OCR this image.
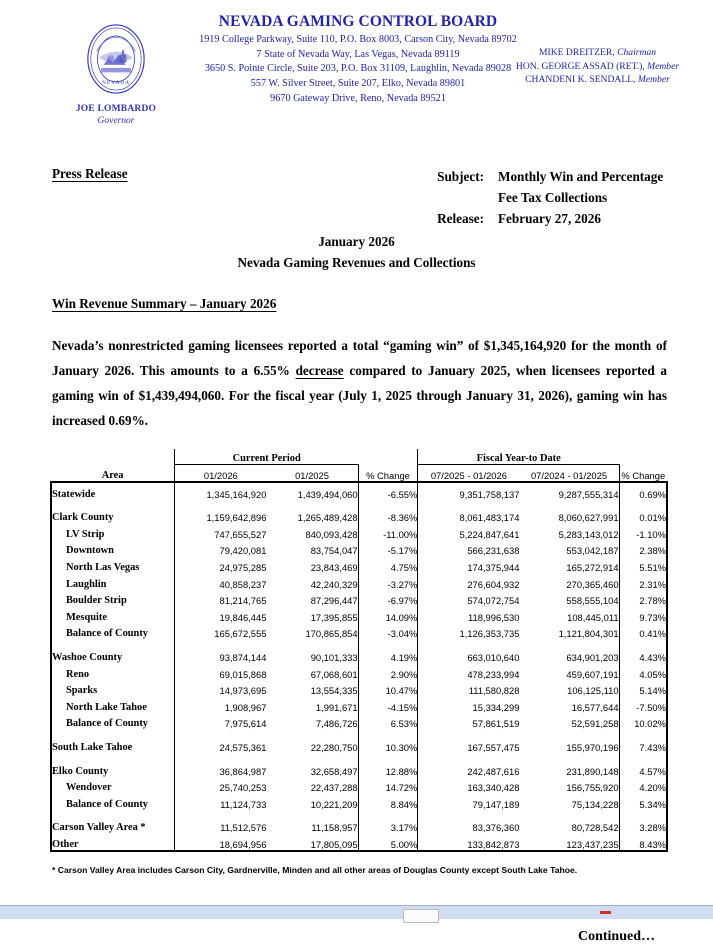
NEVADA
JOE LOMBARDO
Governor
NEVADA GAMING CONTROL BOARD
1919 College Parkway, Suite 110, P.O. Box 8003, Carson City, Nevada 89702
7 State of Nevada Way, Las Vegas, Nevada 89119
3650 S. Pointe Circle, Suite 203, P.O. Box 31109, Laughlin, Nevada 89028
557 W. Silver Street, Suite 207, Elko, Nevada 89801
9670 Gateway Drive, Reno, Nevada 89521
MIKE DREITZER, Chairman
HON. GEORGE ASSAD (RET.), Member
CHANDENI K. SENDALL, Member
Press Release	Subject:	Monthly Win and Percentage
Fee Tax Collections
Release:	February 27, 2026
January 2026
Nevada Gaming Revenues and Collections
Win Revenue Summary – January 2026

Nevada’s nonrestricted gaming licensees reported a total “gaming win” of $1,345,164,920 for the month of January 2026. This amounts to a 6.55% decrease compared to January 2025, when licensees reported a gaming win of $1,439,494,060. For the fiscal year (July 1, 2025 through January 31, 2026), gaming win has increased 0.69%.

	Current Period			Fiscal Year-to Date		
Area	01/2026	01/2025	% Change	07/2025 - 01/2026	07/2024 - 01/2025	% Change
Statewide	1,345,164,920	1,439,494,060	-6.55%	9,351,758,137	9,287,555,314	0.69%

Clark County	1,159,642,896	1,265,489,428	-8.36%	8,061,483,174	8,060,627,991	0.01%
LV Strip	747,655,527	840,093,428	-11.00%	5,224,847,641	5,283,143,012	-1.10%
Downtown	79,420,081	83,754,047	-5.17%	566,231,638	553,042,187	2.38%
North Las Vegas	24,975,285	23,843,469	4.75%	174,375,944	165,272,914	5.51%
Laughlin	40,858,237	42,240,329	-3.27%	276,604,932	270,365,460	2.31%
Boulder Strip	81,214,765	87,296,447	-6.97%	574,072,754	558,555,104	2.78%
Mesquite	19,846,445	17,395,855	14.09%	118,996,530	108,445,011	9.73%
Balance of County	165,672,555	170,865,854	-3.04%	1,126,353,735	1,121,804,301	0.41%

Washoe County	93,874,144	90,101,333	4.19%	663,010,640	634,901,203	4.43%
Reno	69,015,868	67,068,601	2.90%	478,233,994	459,607,191	4.05%
Sparks	14,973,695	13,554,335	10.47%	111,580,828	106,125,110	5.14%
North Lake Tahoe	1,908,967	1,991,671	-4.15%	15,334,299	16,577,644	-7.50%
Balance of County	7,975,614	7,486,726	6.53%	57,861,519	52,591,258	10.02%

South Lake Tahoe	24,575,361	22,280,750	10.30%	167,557,475	155,970,196	7.43%

Elko County	36,864,987	32,658,497	12.88%	242,487,616	231,890,148	4.57%
Wendover	25,740,253	22,437,288	14.72%	163,340,428	156,755,920	4.20%
Balance of County	11,124,733	10,221,209	8.84%	79,147,189	75,134,228	5.34%

Carson Valley Area *	11,512,576	11,158,957	3.17%	83,376,360	80,728,542	3.28%
Other	18,694,956	17,805,095	5.00%	133,842,873	123,437,235	8.43%
* Carson Valley Area includes Carson City, Gardnerville, Minden and all other areas of Douglas County except South Lake Tahoe.
Continued…
